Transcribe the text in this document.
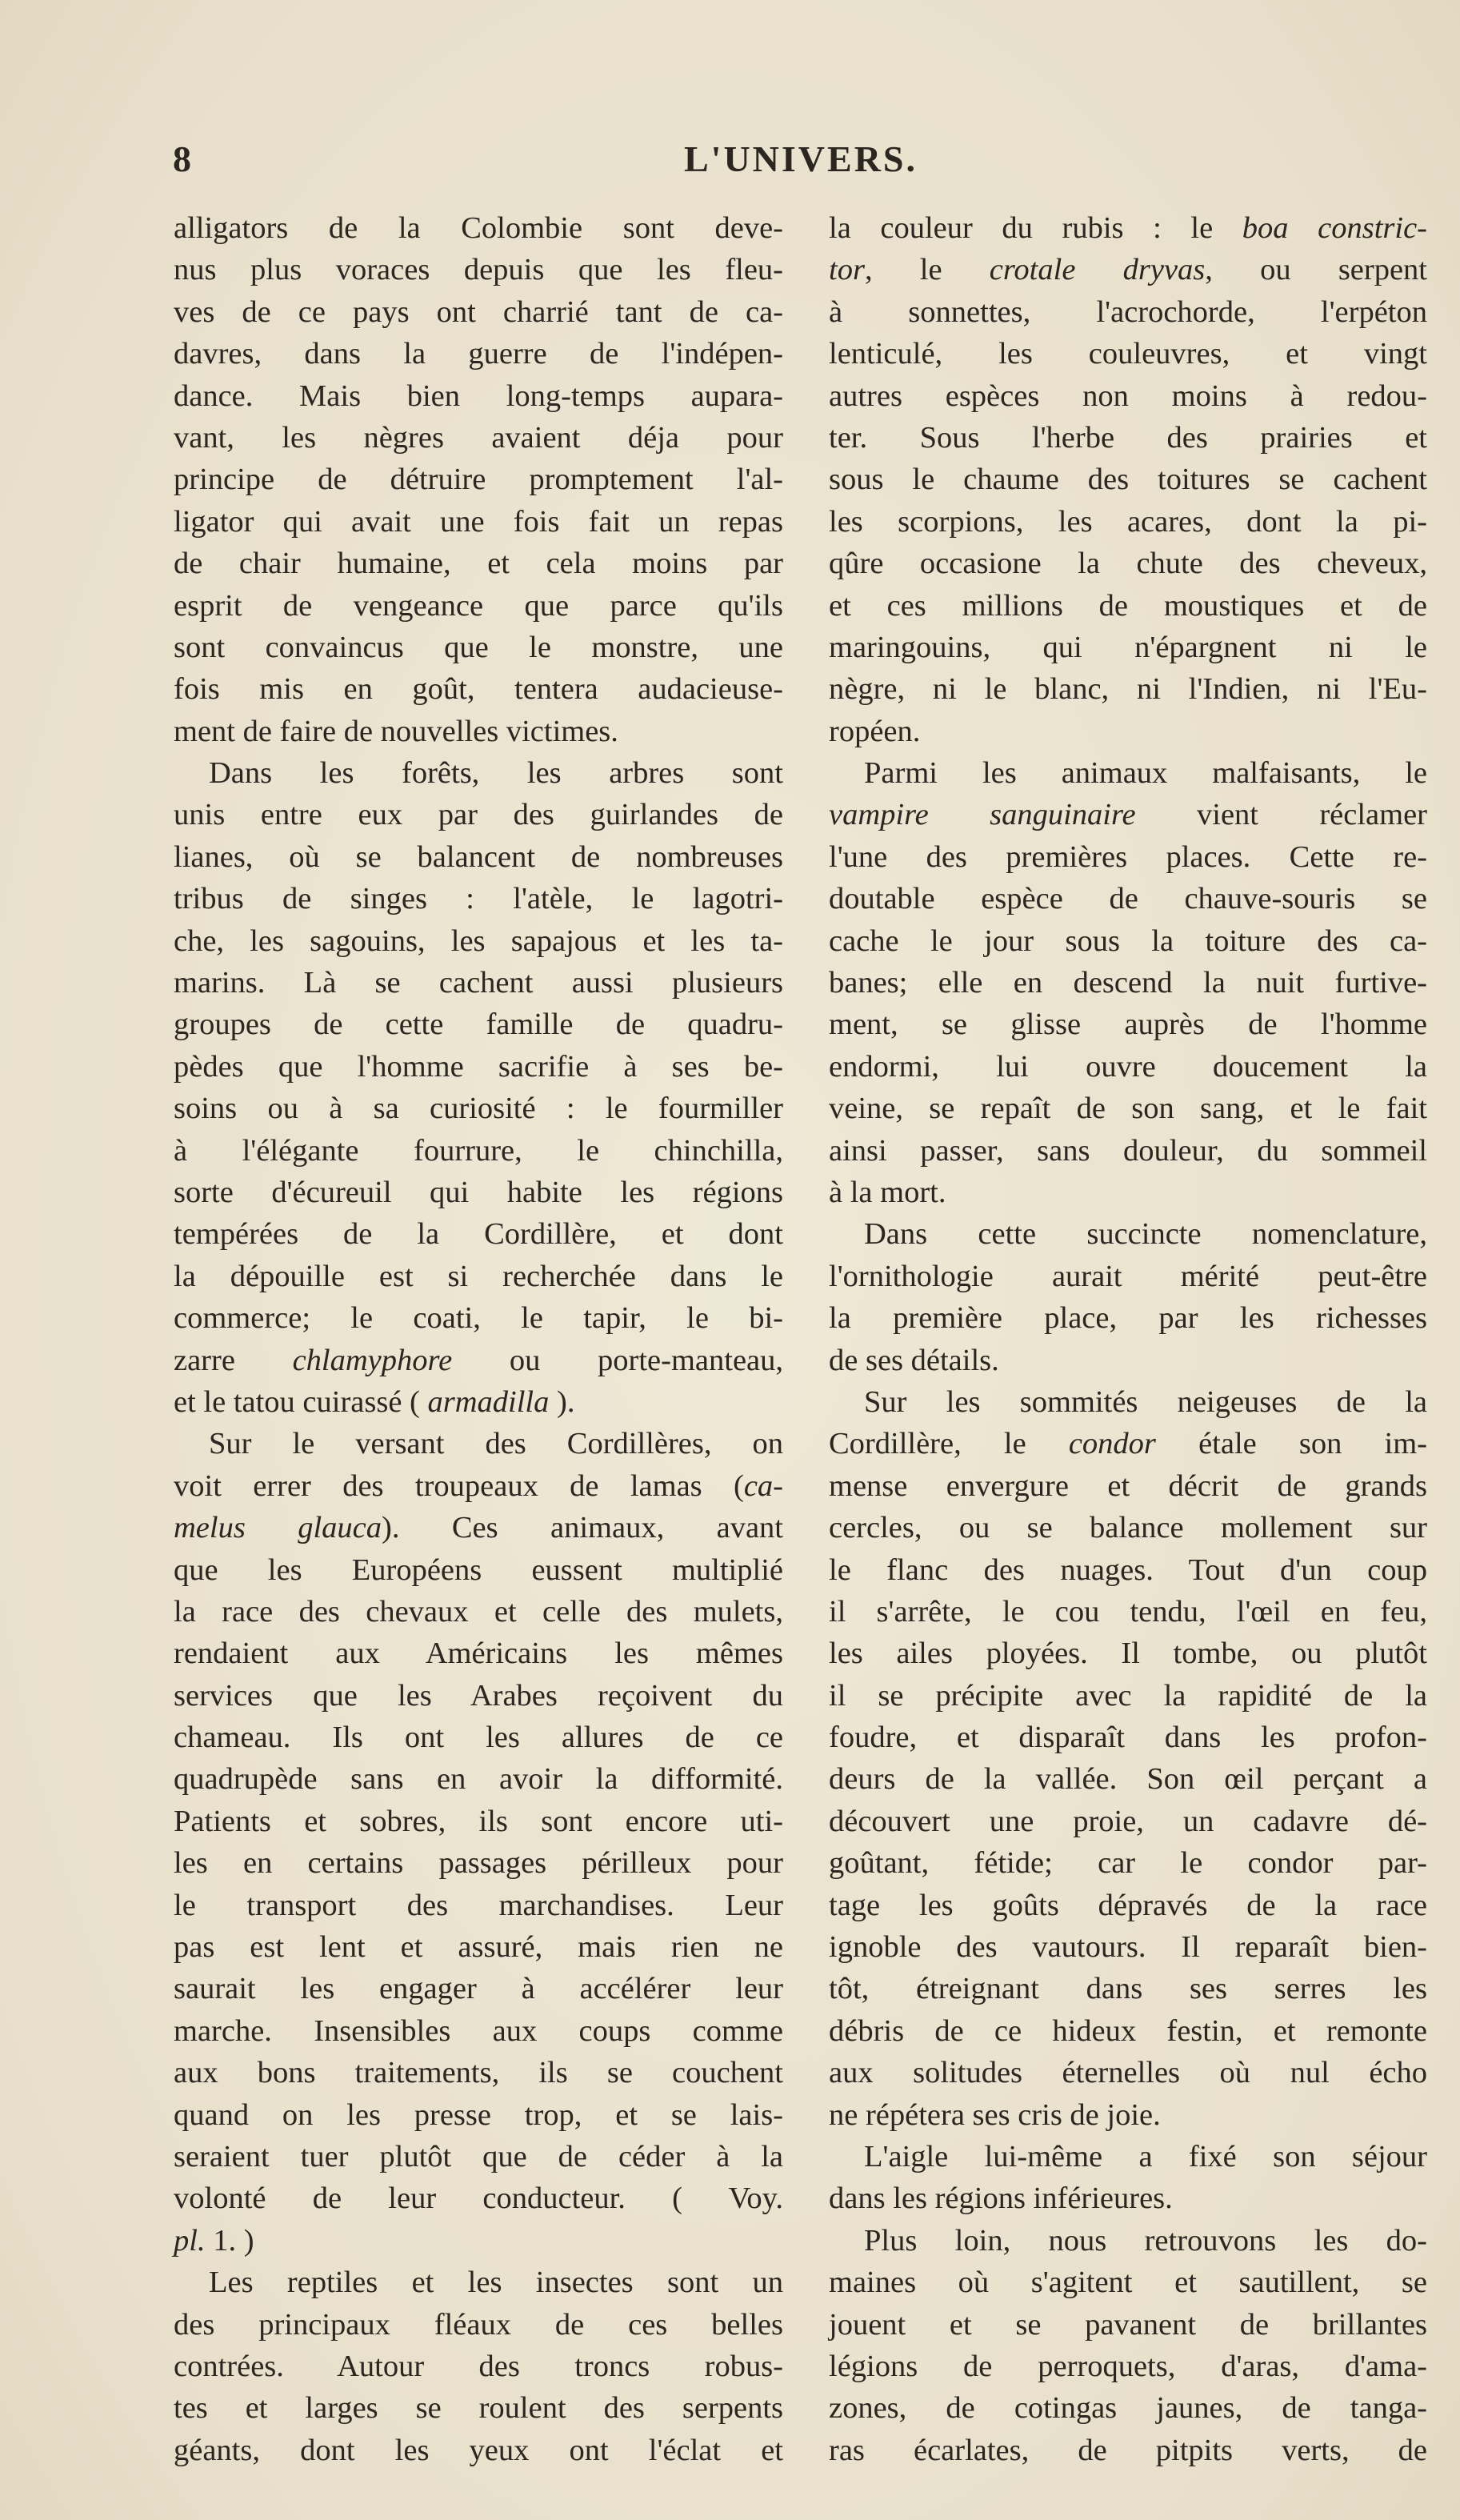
8	L'UNIVERS.
alligators de la Colombie sont deve-
nus plus voraces depuis que les fleu-
ves de ce pays ont charrié tant de ca-
davres, dans la guerre de l'indépen-
dance. Mais bien long-temps aupara-
vant, les nègres avaient déja pour
principe de détruire promptement l'al-
ligator qui avait une fois fait un repas
de chair humaine, et cela moins par
esprit de vengeance que parce qu'ils
sont convaincus que le monstre, une
fois mis en goût, tentera audacieuse-
ment de faire de nouvelles victimes.
Dans les forêts, les arbres sont
unis entre eux par des guirlandes de
lianes, où se balancent de nombreuses
tribus de singes : l'atèle, le lagotri-
che, les sagouins, les sapajous et les ta-
marins. Là se cachent aussi plusieurs
groupes de cette famille de quadru-
pèdes que l'homme sacrifie à ses be-
soins ou à sa curiosité : le fourmiller
à l'élégante fourrure, le chinchilla,
sorte d'écureuil qui habite les régions
tempérées de la Cordillère, et dont
la dépouille est si recherchée dans le
commerce; le coati, le tapir, le bi-
zarre chlamyphore ou porte-manteau,
et le tatou cuirassé ( armadilla ).
Sur le versant des Cordillères, on
voit errer des troupeaux de lamas (ca-
melus glauca). Ces animaux, avant
que les Européens eussent multiplié
la race des chevaux et celle des mulets,
rendaient aux Américains les mêmes
services que les Arabes reçoivent du
chameau. Ils ont les allures de ce
quadrupède sans en avoir la difformité.
Patients et sobres, ils sont encore uti-
les en certains passages périlleux pour
le transport des marchandises. Leur
pas est lent et assuré, mais rien ne
saurait les engager à accélérer leur
marche. Insensibles aux coups comme
aux bons traitements, ils se couchent
quand on les presse trop, et se lais-
seraient tuer plutôt que de céder à la
volonté de leur conducteur. ( Voy.
pl. 1. )
Les reptiles et les insectes sont un
des principaux fléaux de ces belles
contrées. Autour des troncs robus-
tes et larges se roulent des serpents
géants, dont les yeux ont l'éclat et
la couleur du rubis : le boa constric-
tor, le crotale dryvas, ou serpent
à sonnettes, l'acrochorde, l'erpéton
lenticulé, les couleuvres, et vingt
autres espèces non moins à redou-
ter. Sous l'herbe des prairies et
sous le chaume des toitures se cachent
les scorpions, les acares, dont la pi-
qûre occasione la chute des cheveux,
et ces millions de moustiques et de
maringouins, qui n'épargnent ni le
nègre, ni le blanc, ni l'Indien, ni l'Eu-
ropéen.
Parmi les animaux malfaisants, le
vampire sanguinaire vient réclamer
l'une des premières places. Cette re-
doutable espèce de chauve-souris se
cache le jour sous la toiture des ca-
banes; elle en descend la nuit furtive-
ment, se glisse auprès de l'homme
endormi, lui ouvre doucement la
veine, se repaît de son sang, et le fait
ainsi passer, sans douleur, du sommeil
à la mort.
Dans cette succincte nomenclature,
l'ornithologie aurait mérité peut-être
la première place, par les richesses
de ses détails.
Sur les sommités neigeuses de la
Cordillère, le condor étale son im-
mense envergure et décrit de grands
cercles, ou se balance mollement sur
le flanc des nuages. Tout d'un coup
il s'arrête, le cou tendu, l'œil en feu,
les ailes ployées. Il tombe, ou plutôt
il se précipite avec la rapidité de la
foudre, et disparaît dans les profon-
deurs de la vallée. Son œil perçant a
découvert une proie, un cadavre dé-
goûtant, fétide; car le condor par-
tage les goûts dépravés de la race
ignoble des vautours. Il reparaît bien-
tôt, étreignant dans ses serres les
débris de ce hideux festin, et remonte
aux solitudes éternelles où nul écho
ne répétera ses cris de joie.
L'aigle lui-même a fixé son séjour
dans les régions inférieures.
Plus loin, nous retrouvons les do-
maines où s'agitent et sautillent, se
jouent et se pavanent de brillantes
légions de perroquets, d'aras, d'ama-
zones, de cotingas jaunes, de tanga-
ras écarlates, de pitpits verts, de
